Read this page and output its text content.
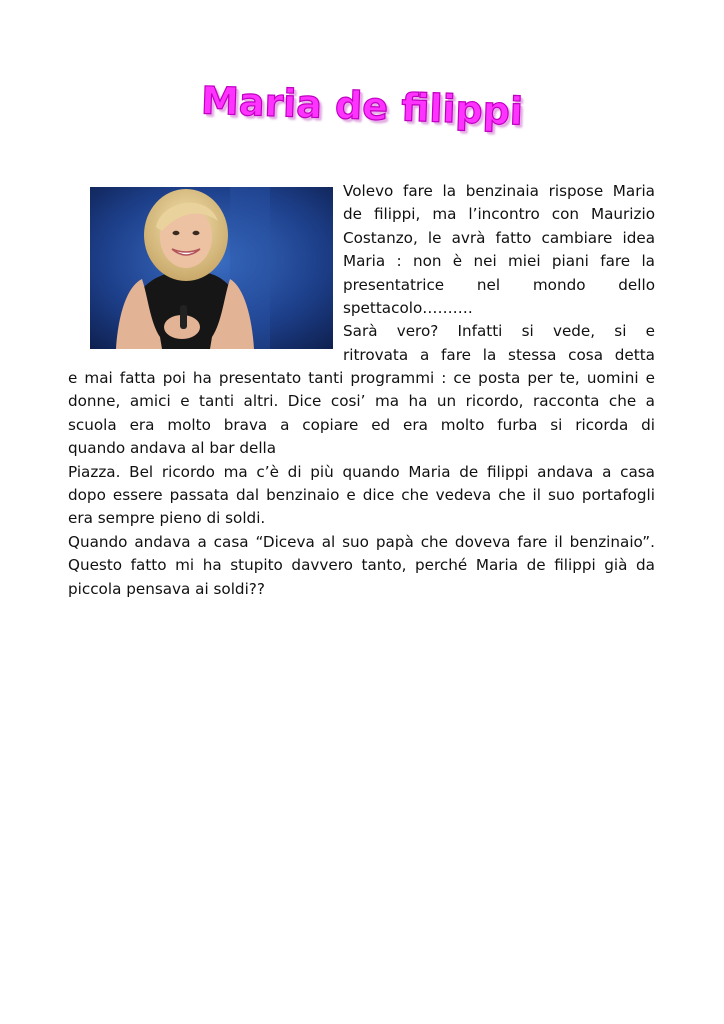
Maria de filippi
Volevo fare la benzinaia rispose Maria
de filippi, ma l’incontro con Maurizio
Costanzo, le avrà fatto cambiare idea
Maria : non è nei miei piani fare la
presentatrice nel mondo dello
spettacolo……….
Sarà vero? Infatti si vede, si e
ritrovata a fare la stessa cosa detta
e mai fatta poi ha presentato tanti programmi : ce posta per te, uomini e
donne, amici e tanti altri. Dice cosi’ ma ha un ricordo, racconta che a
scuola era molto brava a copiare ed era molto furba si ricorda di
quando andava al bar della
Piazza. Bel ricordo ma c’è di più quando Maria de filippi andava a casa
dopo essere passata dal benzinaio e dice che vedeva che il suo portafogli
era sempre pieno di soldi.
Quando andava a casa “Diceva al suo papà che doveva fare il benzinaio”.
Questo fatto mi ha stupito davvero tanto, perché Maria de filippi già da
piccola pensava ai soldi??
